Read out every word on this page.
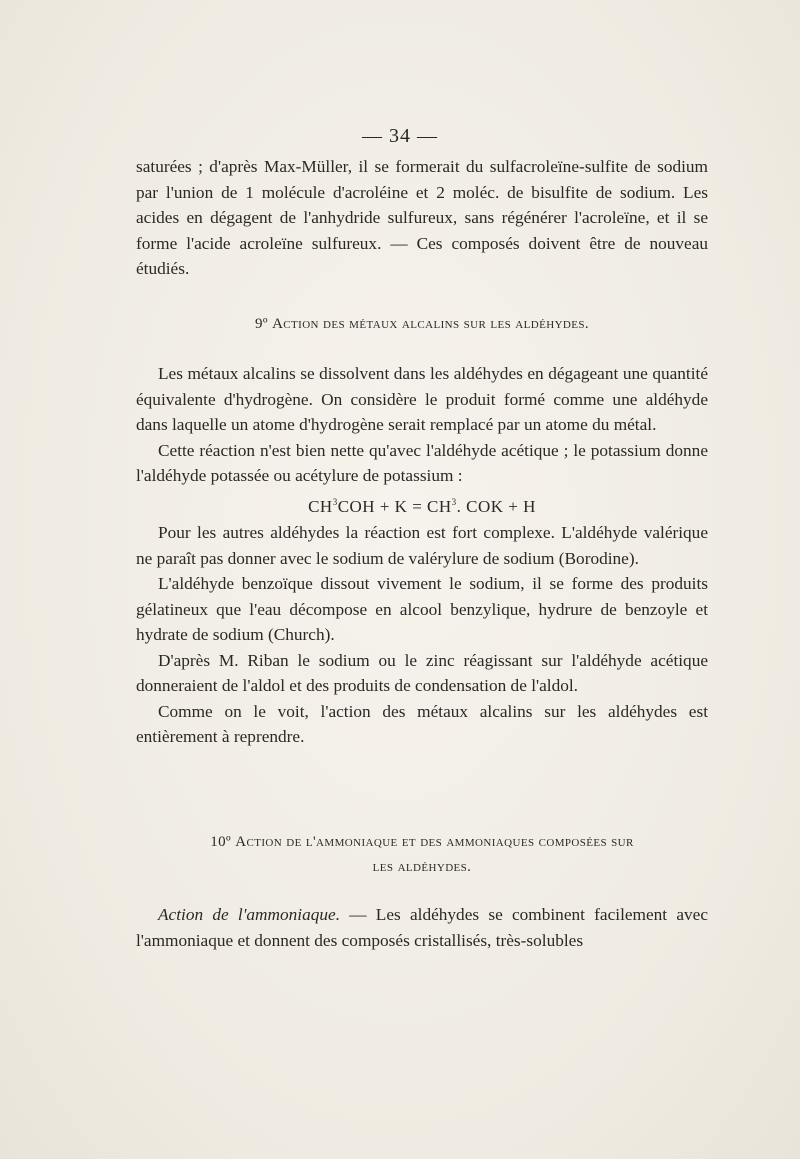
— 34 —

saturées ; d'après Max-Müller, il se formerait du sulfacroleïne-sulfite de sodium par l'union de 1 molécule d'acroléine et 2 moléc. de bisulfite de sodium. Les acides en dégagent de l'anhydride sulfureux, sans régénérer l'acroleïne, et il se forme l'acide acroleïne sulfureux. — Ces composés doivent être de nouveau étudiés.

9º Action des métaux alcalins sur les aldéhydes.

Les métaux alcalins se dissolvent dans les aldéhydes en dégageant une quantité équivalente d'hydrogène. On considère le produit formé comme une aldéhyde dans laquelle un atome d'hydrogène serait remplacé par un atome du métal.

Cette réaction n'est bien nette qu'avec l'aldéhyde acétique ; le potassium donne l'aldéhyde potassée ou acétylure de potassium :

$CH^3COH + K = CH^3$. COK + H

Pour les autres aldéhydes la réaction est fort complexe. L'aldéhyde valérique ne paraît pas donner avec le sodium de valérylure de sodium (Borodine).

L'aldéhyde benzoïque dissout vivement le sodium, il se forme des produits gélatineux que l'eau décompose en alcool benzylique, hydrure de benzoyle et hydrate de sodium (Church).

D'après M. Riban le sodium ou le zinc réagissant sur l'aldéhyde acétique donneraient de l'aldol et des produits de condensation de l'aldol.

Comme on le voit, l'action des métaux alcalins sur les aldéhydes est entièrement à reprendre.

10º Action de l'ammoniaque et des ammoniaques composées sur
les aldéhydes.

Action de l'ammoniaque. — Les aldéhydes se combinent facilement avec l'ammoniaque et donnent des composés cristallisés, très-solubles
